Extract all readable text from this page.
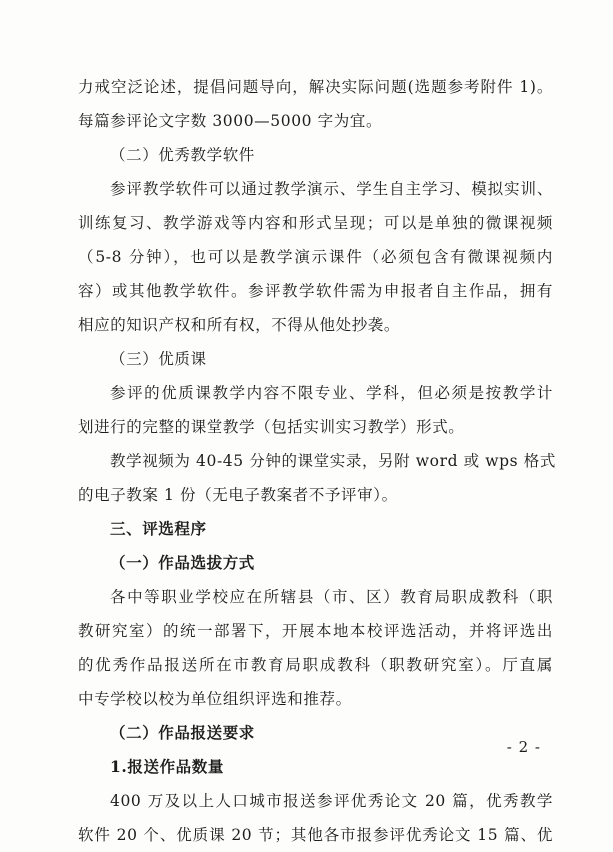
力戒空泛论述，提倡问题导向，解决实际问题(选题参考附件 1)。
每篇参评论文字数 3000—5000 字为宜。
（二）优秀教学软件
参评教学软件可以通过教学演示、学生自主学习、模拟实训、
训练复习、教学游戏等内容和形式呈现；可以是单独的微课视频
（5-8 分钟），也可以是教学演示课件（必须包含有微课视频内
容）或其他教学软件。参评教学软件需为申报者自主作品，拥有
相应的知识产权和所有权，不得从他处抄袭。
（三）优质课
参评的优质课教学内容不限专业、学科，但必须是按教学计
划进行的完整的课堂教学（包括实训实习教学）形式。
教学视频为 40-45 分钟的课堂实录，另附 word 或 wps 格式
的电子教案 1 份（无电子教案者不予评审）。
三、评选程序
（一）作品选拔方式
各中等职业学校应在所辖县（市、区）教育局职成教科（职
教研究室）的统一部署下，开展本地本校评选活动，并将评选出
的优秀作品报送所在市教育局职成教科（职教研究室）。厅直属
中专学校以校为单位组织评选和推荐。
（二）作品报送要求
1.报送作品数量
400 万及以上人口城市报送参评优秀论文 20 篇，优秀教学
软件 20 个、优质课 20 节；其他各市报参评优秀论文 15 篇、优
- 2 -
